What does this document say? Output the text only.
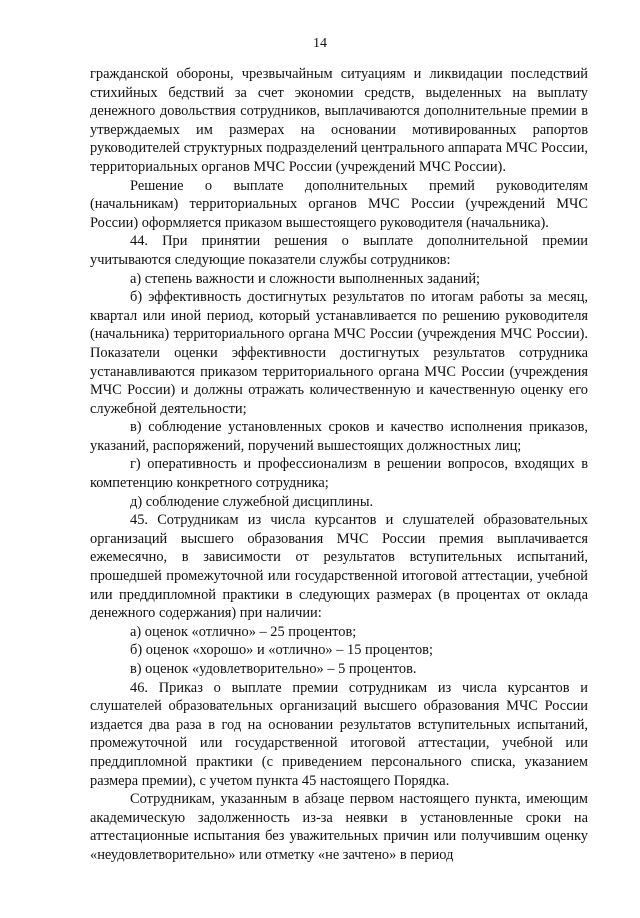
14

гражданской обороны, чрезвычайным ситуациям и ликвидации последствий стихийных бедствий за счет экономии средств, выделенных на выплату денежного довольствия сотрудников, выплачиваются дополнительные премии в утверждаемых им размерах на основании мотивированных рапортов руководителей структурных подразделений центрального аппарата МЧС России, территориальных органов МЧС России (учреждений МЧС России).

Решение о выплате дополнительных премий руководителям (начальникам) территориальных органов МЧС России (учреждений МЧС России) оформляется приказом вышестоящего руководителя (начальника).

44. При принятии решения о выплате дополнительной премии учитываются следующие показатели службы сотрудников:

а) степень важности и сложности выполненных заданий;

б) эффективность достигнутых результатов по итогам работы за месяц, квартал или иной период, который устанавливается по решению руководителя (начальника) территориального органа МЧС России (учреждения МЧС России). Показатели оценки эффективности достигнутых результатов сотрудника устанавливаются приказом территориального органа МЧС России (учреждения МЧС России) и должны отражать количественную и качественную оценку его служебной деятельности;

в) соблюдение установленных сроков и качество исполнения приказов, указаний, распоряжений, поручений вышестоящих должностных лиц;

г) оперативность и профессионализм в решении вопросов, входящих в компетенцию конкретного сотрудника;

д) соблюдение служебной дисциплины.

45. Сотрудникам из числа курсантов и слушателей образовательных организаций высшего образования МЧС России премия выплачивается ежемесячно, в зависимости от результатов вступительных испытаний, прошедшей промежуточной или государственной итоговой аттестации, учебной или преддипломной практики в следующих размерах (в процентах от оклада денежного содержания) при наличии:

а) оценок «отлично» – 25 процентов;

б) оценок «хорошо» и «отлично» – 15 процентов;

в) оценок «удовлетворительно» – 5 процентов.

46. Приказ о выплате премии сотрудникам из числа курсантов и слушателей образовательных организаций высшего образования МЧС России издается два раза в год на основании результатов вступительных испытаний, промежуточной или государственной итоговой аттестации, учебной или преддипломной практики (с приведением персонального списка, указанием размера премии), с учетом пункта 45 настоящего Порядка.

Сотрудникам, указанным в абзаце первом настоящего пункта, имеющим академическую задолженность из-за неявки в установленные сроки на аттестационные испытания без уважительных причин или получившим оценку «неудовлетворительно» или отметку «не зачтено» в период
